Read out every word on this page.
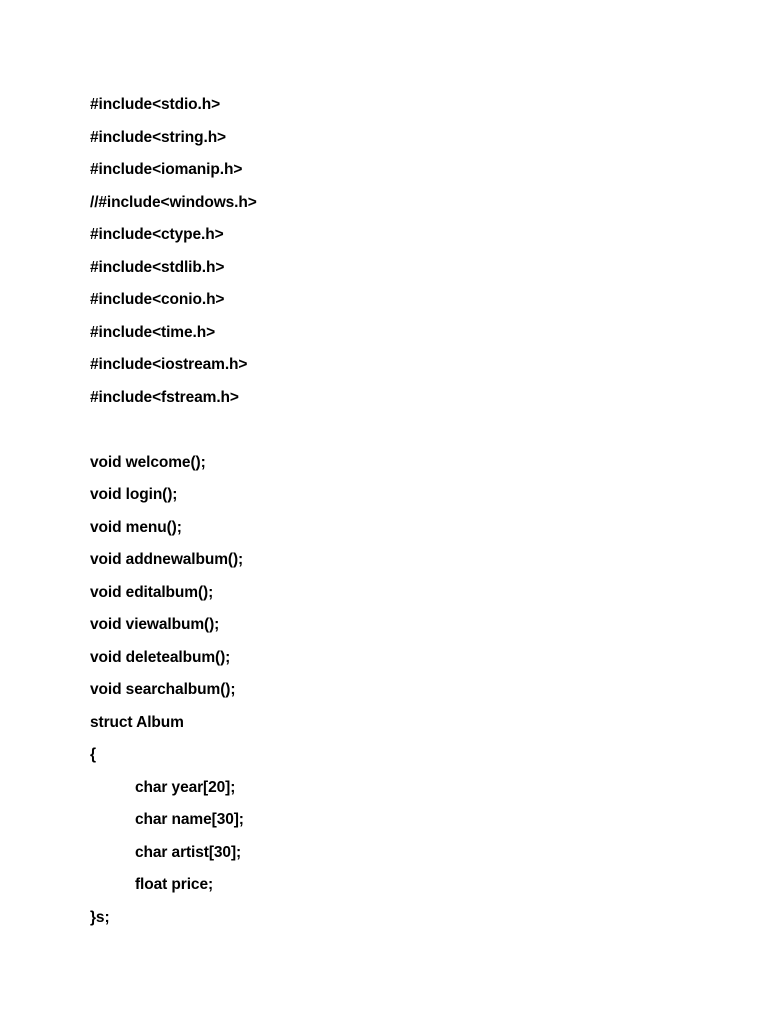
#include<stdio.h>
#include<string.h>
#include<iomanip.h>
//#include<windows.h>
#include<ctype.h>
#include<stdlib.h>
#include<conio.h>
#include<time.h>
#include<iostream.h>
#include<fstream.h>
void welcome();
void login();
void menu();
void addnewalbum();
void editalbum();
void viewalbum();
void deletealbum();
void searchalbum();
struct Album
{
char year[20];
char name[30];
char artist[30];
float price;
}s;
